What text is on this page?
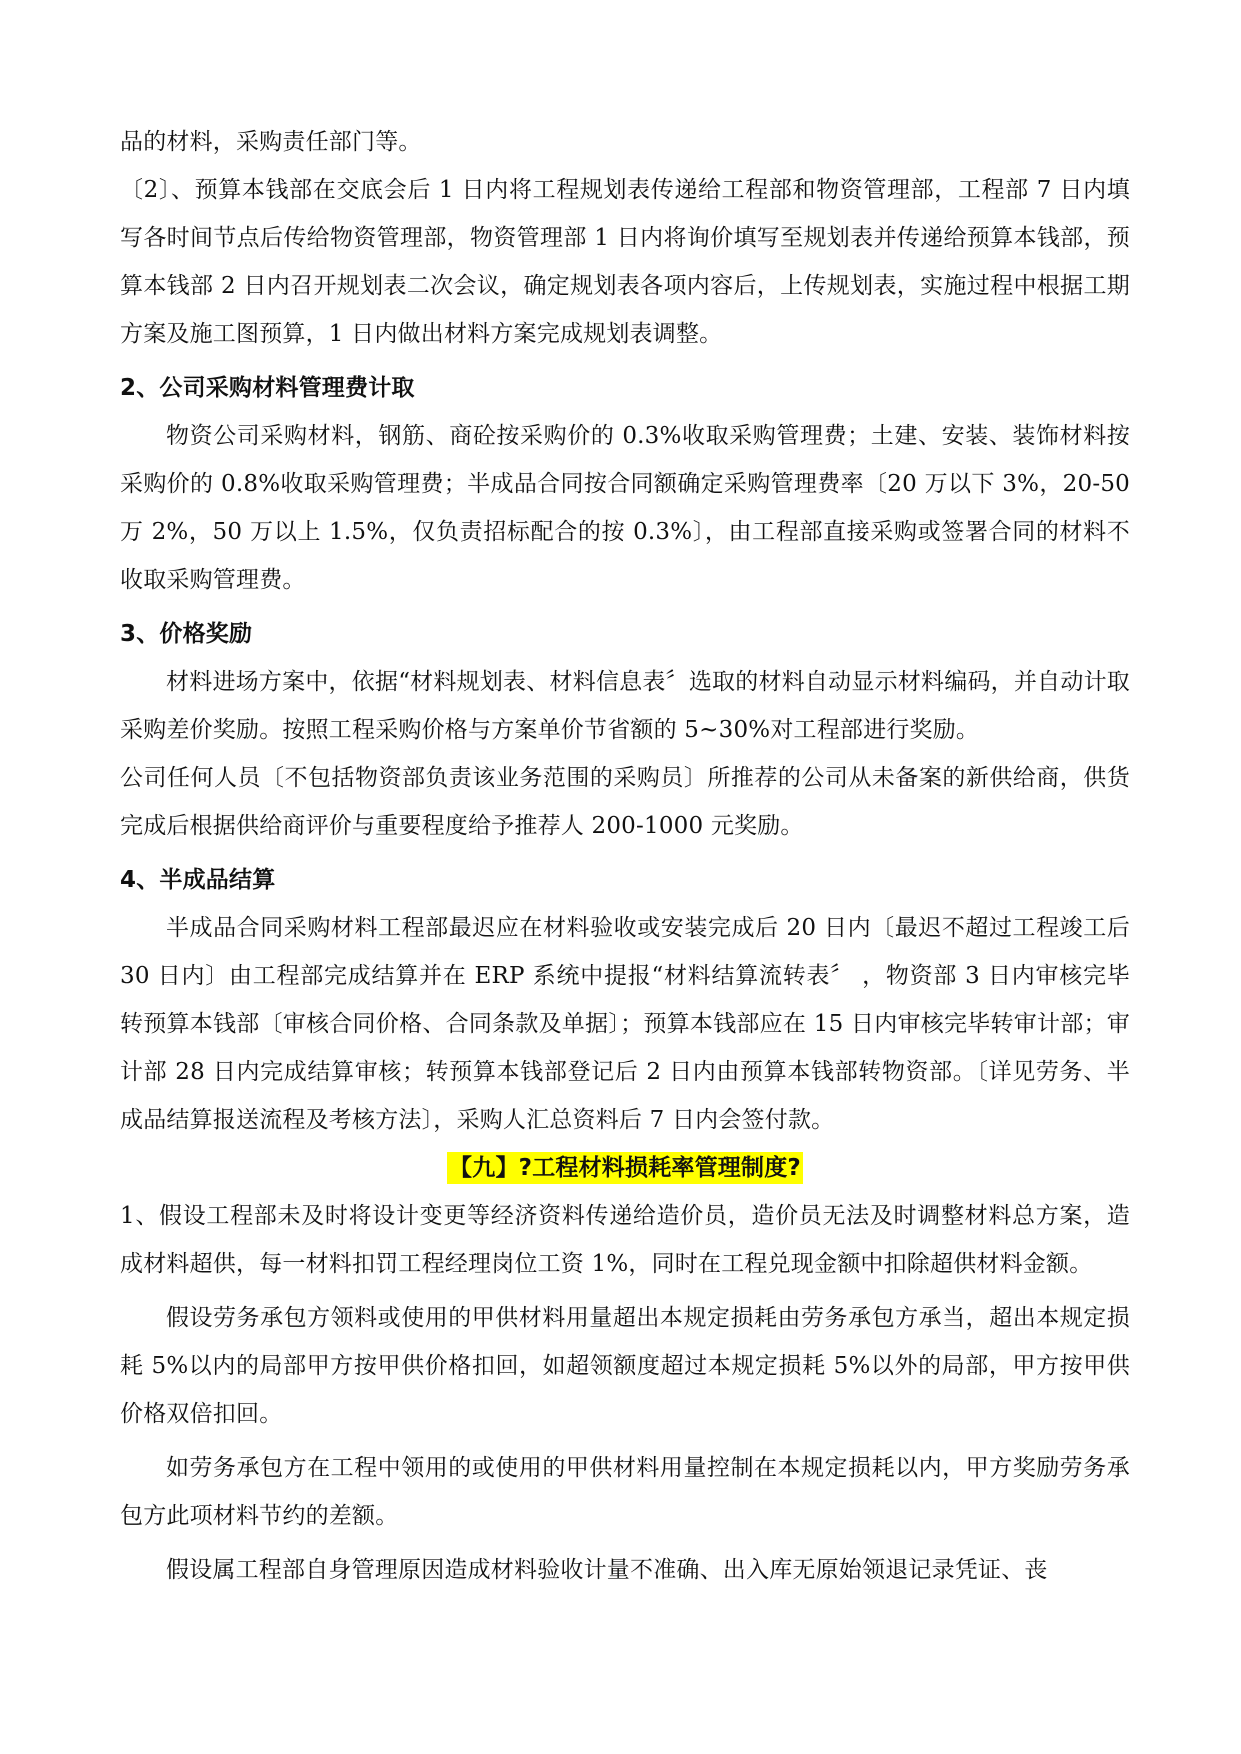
品的材料，采购责任部门等。

〔2〕、预算本钱部在交底会后 1 日内将工程规划表传递给工程部和物资管理部，工程部 7 日内填写各时间节点后传给物资管理部，物资管理部 1 日内将询价填写至规划表并传递给预算本钱部，预算本钱部 2 日内召开规划表二次会议，确定规划表各项内容后，上传规划表，实施过程中根据工期方案及施工图预算，1 日内做出材料方案完成规划表调整。

2、公司采购材料管理费计取

物资公司采购材料，钢筋、商砼按采购价的 0.3%收取采购管理费；土建、安装、装饰材料按采购价的 0.8%收取采购管理费；半成品合同按合同额确定采购管理费率〔20 万以下 3%，20-50 万 2%，50 万以上 1.5%，仅负责招标配合的按 0.3%〕，由工程部直接采购或签署合同的材料不收取采购管理费。

3、价格奖励

材料进场方案中，依据“材料规划表、材料信息表〞选取的材料自动显示材料编码，并自动计取采购差价奖励。按照工程采购价格与方案单价节省额的 5~30%对工程部进行奖励。

公司任何人员〔不包括物资部负责该业务范围的采购员〕所推荐的公司从未备案的新供给商，供货完成后根据供给商评价与重要程度给予推荐人 200-1000 元奖励。

4、半成品结算

半成品合同采购材料工程部最迟应在材料验收或安装完成后 20 日内〔最迟不超过工程竣工后 30 日内〕由工程部完成结算并在 ERP 系统中提报“材料结算流转表〞 ，物资部 3 日内审核完毕转预算本钱部〔审核合同价格、合同条款及单据〕；预算本钱部应在 15 日内审核完毕转审计部；审计部 28 日内完成结算审核；转预算本钱部登记后 2 日内由预算本钱部转物资部。〔详见劳务、半成品结算报送流程及考核方法〕，采购人汇总资料后 7 日内会签付款。

【九】?工程材料损耗率管理制度?

1、假设工程部未及时将设计变更等经济资料传递给造价员，造价员无法及时调整材料总方案，造成材料超供，每一材料扣罚工程经理岗位工资 1%，同时在工程兑现金额中扣除超供材料金额。

假设劳务承包方领料或使用的甲供材料用量超出本规定损耗由劳务承包方承当，超出本规定损耗 5%以内的局部甲方按甲供价格扣回，如超领额度超过本规定损耗 5%以外的局部，甲方按甲供价格双倍扣回。

如劳务承包方在工程中领用的或使用的甲供材料用量控制在本规定损耗以内，甲方奖励劳务承包方此项材料节约的差额。

假设属工程部自身管理原因造成材料验收计量不准确、出入库无原始领退记录凭证、丧
